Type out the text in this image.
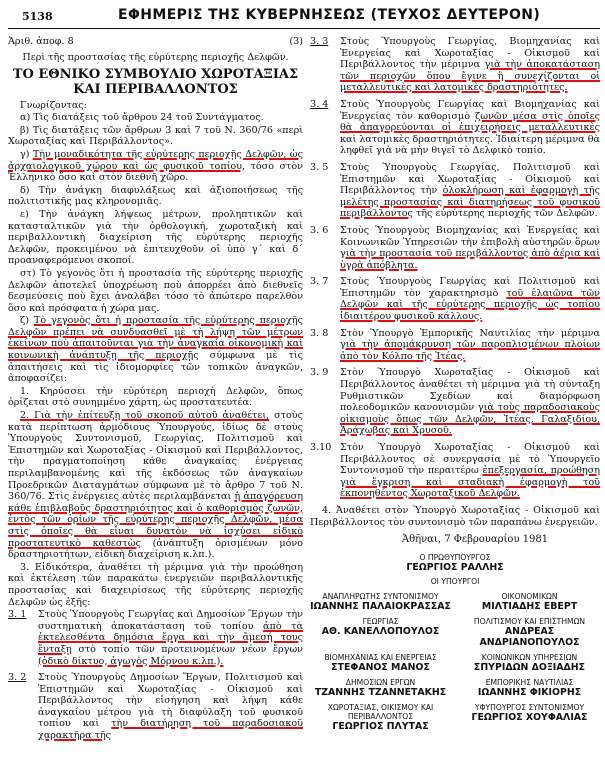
5138	ΕΦΗΜΕΡΙΣ ΤΗΣ ΚΥΒΕΡΝΗΣΕΩΣ (ΤΕΥΧΟΣ ΔΕΥΤΕΡΟΝ)
Ἀριθ. ἀποφ. 8	(3)

Περὶ τῆς προστασίας τῆς εὐρύτερης περιοχῆς Δελφῶν.

ΤΟ ΕΘΝΙΚΟ ΣΥΜΒΟΥΛΙΟ ΧΩΡΟΤΑΞΙΑΣ ΚΑΙ ΠΕΡΙΒΑΛΛΟΝΤΟΣ

Γνωρίζοντας:

α) Τὶς διατάξεις τοῦ ἄρθρου 24 τοῦ Συντάγματος.

β) Τὶς διατάξεις τῶν ἄρθρων 3 καὶ 7 τοῦ Ν. 360/76 «περὶ Χωροταξίας καὶ Περιβάλλοντος».

γ) Τὴν μοναδικότητα τῆς εὐρύτερης περιοχῆς Δελφῶν, ὡς ἀρχαιολογικοῦ χώρου καὶ ὡς φυσικοῦ τοπίου, τόσο στὸν Ἑλληνικὸ ὅσο καὶ στὸν διεθνῆ χῶρο.

δ) Τὴν ἀνάγκη διαφυλάξεως καὶ ἀξιοποιήσεως τῆς πολιτιστικῆς μας κληρονομιᾶς.

ε) Τὴν ἀνάγκη λήψεως μέτρων, προληπτικῶν καὶ κατασταλτικῶν γιὰ τὴν ὀρθολογική, χωροταξικὴ καὶ περιβαλλοντικὴ διαχείριση τῆς εὐρύτερης περιοχῆς Δελφῶν, προκειμένου νὰ ἐπιτευχθοῦν οἱ ὑπὸ γ΄ καὶ δ΄ προαναφερόμενοι σκοποί.

στ) Τὸ γεγονὸς ὅτι ἡ προστασία τῆς εὐρύτερης περιοχῆς Δελφῶν ἀποτελεῖ ὑποχρέωση ποὺ ἀπορρέει ἀπὸ διεθνεῖς δεσμεύσεις ποὺ ἔχει ἀναλάβει τόσο τὸ ἀπώτερο παρελθὸν ὅσο καὶ πρόσφατα ἡ χώρα μας.

ζ) Τὸ γεγονὸς ὅτι ἡ προστασία τῆς εὐρύτερης περιοχῆς Δελφῶν πρέπει νὰ συνδυασθεῖ μὲ τὴ λήψη τῶν μέτρων ἐκείνων ποὺ ἀπαιτοῦνται γιὰ τὴν ἀναγκαία οἰκονομικὴ καὶ κοινωνικὴ ἀνάπτυξη τῆς περιοχῆς σύμφωνα μὲ τὶς ἀπαιτήσεις καὶ τὶς ἰδιομορφίες τῶν τοπικῶν ἀναγκῶν, ἀποφασίζει:

1. Κηρύσσει τὴν εὐρύτερη περιοχὴ Δελφῶν, ὅπως ὁρίζεται στὸ συνημμένο χάρτη, ὡς προστατευτέα.

2. Γιὰ τὴν ἐπίτευξη τοῦ σκοποῦ αὐτοῦ ἀναθέτει, στοὺς κατὰ περίπτωση ἁρμόδιους Ὑπουργούς, ἰδίως δὲ στοὺς Ὑπουργοὺς Συντονισμοῦ, Γεωργίας, Πολιτισμοῦ καὶ Ἐπιστημῶν καὶ Χωροταξίας - Οἰκισμοῦ καὶ Περιβάλλοντος, τὴν πραγματοποίηση κάθε ἀναγκαίας ἐνέργειας περιλαμβανομένης καὶ τῆς ἐκδόσεως τῶν ἀναγκαίων Προεδρικῶν Διαταγμάτων σύμφωνα μὲ τὸ ἄρθρο 7 τοῦ Ν. 360/76. Στὶς ἐνέργειες αὐτὲς περιλαμβάνεται ἡ ἀπαγόρευση κάθε ἐπιβλαβοῦς δραστηριότητος καὶ ὁ καθορισμὸς ζωνῶν, ἐντὸς τῶν ὁρίων τῆς εὐρύτερης περιοχῆς Δελφῶν, μέσα στὶς ὁποῖες θὰ εἶναι δυνατὸν νὰ ἰσχύσει εἰδικὸ προστατευτικὸ καθεστὼς (ἀνάπτυξη ὁρισμένων μόνο δραστηριοτήτων, εἰδικὴ διαχείριση κ.λπ.).

3. Εἰδικότερα, ἀναθέτει τὴ μέριμνα γιὰ τὴν προώθηση καὶ ἐκτέλεση τῶν παρακάτω ἐνεργειῶν περιβαλλοντικῆς προστασίας καὶ διαχειρίσεως τῆς εὐρύτερης περιοχῆς Δελφῶν ὡς ἑξῆς:

3. 1	Στοὺς Ὑπουργοὺς Γεωργίας καὶ Δημοσίων Ἔργων τὴν συστηματικὴ ἀποκατάσταση τοῦ τοπίου ἀπὸ τὰ ἐκτελεσθέντα δημόσια ἔργα καὶ τὴν ἄμεσή τους ἔνταξη στὸ τοπίο τῶν προτεινομένων νέων ἔργων (ὁδικὸ δίκτυο, ἀγωγὸς Μόρνου κ.λπ.).
3. 2	Στοὺς Ὑπουργοὺς Δημοσίων Ἔργων, Πολιτισμοῦ καὶ Ἐπιστημῶν καὶ Χωροταξίας - Οἰκισμοῦ καὶ Περιβάλλοντος τὴν εἰσήγηση καὶ λήψη κάθε ἀναγκαίου μέτρου γιὰ τὴ διαφύλαξη τοῦ φυσικοῦ τοπίου καὶ τὴν διατήρηση τοῦ παραδοσιακοῦ χαρακτῆρα τῆς
3. 3	Στοὺς Ὑπουργοὺς Γεωργίας, Βιομηχανίας καὶ Ἐνεργείας καὶ Χωροταξίας - Οἰκισμοῦ καὶ Περιβάλλοντος τὴν μέριμνα γιὰ τὴν ἀποκατάσταση τῶν περιοχῶν ὅπου ἔγινε ἢ συνεχίζονται οἱ μεταλλευτικὲς καὶ λατομικὲς δραστηριότητες.
3. 4	Στοὺς Ὑπουργοὺς Γεωργίας καὶ Βιομηχανίας καὶ Ἐνεργείας τὸν καθορισμὸ ζωνῶν μέσα στὶς ὁποῖες θὰ ἀπαγορεύονται οἱ ἐπιχειρήσεις μεταλλευτικὲς καὶ λατομικὲς δραστηριότητες. Ἰδιαίτερη μέριμνα θὰ ληφθεῖ γιὰ νὰ μὴν θιγεῖ τὸ Δελφικὸ τοπίο.
3. 5	Στοὺς Ὑπουργοὺς Γεωργίας, Πολιτισμοῦ καὶ Ἐπιστημῶν καὶ Χωροταξίας - Οἰκισμοῦ καὶ Περιβάλλοντος τὴν ὁλοκλήρωση καὶ ἐφαρμογὴ τῆς μελέτης προστασίας καὶ διατηρήσεως τοῦ φυσικοῦ περιβάλλοντος τῆς εὐρύτερης περιοχῆς τῶν Δελφῶν.
3. 6	Στοὺς Ὑπουργοὺς Βιομηχανίας καὶ Ἐνεργείας καὶ Κοινωνικῶν Ὑπηρεσιῶν τὴν ἐπιβολὴ αὐστηρῶν ὅρων γιὰ τὴν προστασία τοῦ περιβάλλοντος ἀπὸ ἀέρια καὶ ὑγρὰ ἀπόβλητα.
3. 7	Στοὺς Ὑπουργοὺς Γεωργίας καὶ Πολιτισμοῦ καὶ Ἐπιστημῶν τὸν χαρακτηρισμὸ τοῦ ἐλαιῶνα τῶν Δελφῶν καὶ τῆς εὐρύτερης περιοχῆς ὡς τοπίου ἰδιαιτέρου φυσικοῦ κάλλους.
3. 8	Στὸν Ὑπουργὸ Ἐμπορικῆς Ναυτιλίας τὴν μέριμνα γιὰ τὴν ἀπομάκρυνση τῶν παροπλισμένων πλοίων ἀπὸ τὸν Κόλπο τῆς Ἰτέας.
3. 9	Στὸν Ὑπουργὸ Χωροταξίας - Οἰκισμοῦ καὶ Περιβάλλοντος ἀναθέτει τὴ μέριμνα γιὰ τὴ σύνταξη Ρυθμιστικῶν Σχεδίων καὶ διαμόρφωση πολεοδομικῶν κανονισμῶν γιὰ τοὺς παραδοσιακοὺς οἰκισμοὺς ὅπως τῶν Δελφῶν, Ἰτέας, Γαλαξιδίου, Ἀράχωβας καὶ Χρυσοῦ.
3.10 Στὸν Ὑπουργὸ Χωροταξίας - Οἰκισμοῦ καὶ Περιβάλλοντος σὲ συνεργασία μὲ τὸ Ὑπουργεῖο Συντονισμοῦ τὴν περαιτέρω ἐπεξεργασία, προώθηση γιὰ ἔγκριση καὶ σταδιακὴ ἐφαρμογὴ τοῦ ἐκπονηθέντος Χωροταξικοῦ Δελφῶν.

4. Ἀναθέτει στὸν Ὑπουργὸ Χωροταξίας - Οἰκισμοῦ καὶ Περιβάλλοντος τὸν συντονισμὸ τῶν παραπάνω ἐνεργειῶν.

Ἀθῆναι, 7 Φεβρουαρίου 1981

Ο ΠΡΩΘΥΠΟΥΡΓΟΣ
ΓΕΩΡΓΙΟΣ ΡΑΛΛΗΣ
ΟΙ ΥΠΟΥΡΓΟΙ
ΑΝΑΠΛΗΡΩΤΗΣ ΣΥΝΤΟΝΙΣΜΟΥ
ΙΩΑΝΝΗΣ ΠΑΛΑΙΟΚΡΑΣΣΑΣ
ΟΙΚΟΝΟΜΙΚΩΝ
ΜΙΛΤΙΑΔΗΣ ΕΒΕΡΤ
ΓΕΩΡΓΙΑΣ
ΑΘ. ΚΑΝΕΛΛΟΠΟΥΛΟΣ
ΠΟΛΙΤΙΣΜΟΥ ΚΑΙ ΕΠΙΣΤΗΜΩΝ
ΑΝΔΡΕΑΣ ΑΝΔΡΙΑΝΟΠΟΥΛΟΣ
ΒΙΟΜΗΧΑΝΙΑΣ ΚΑΙ ΕΝΕΡΓΕΙΑΣ
ΣΤΕΦΑΝΟΣ ΜΑΝΟΣ
ΚΟΙΝΩΝΙΚΩΝ ΥΠΗΡΕΣΙΩΝ
ΣΠΥΡΙΔΩΝ ΔΟΞΙΑΔΗΣ
ΔΗΜΟΣΙΩΝ ΕΡΓΩΝ
ΤΖΑΝΝΗΣ ΤΖΑΝΝΕΤΑΚΗΣ
ΕΜΠΟΡΙΚΗΣ ΝΑΥΤΙΛΙΑΣ
ΙΩΑΝΝΗΣ ΦΙΚΙΟΡΗΣ
ΧΩΡΟΤΑΞΙΑΣ, ΟΙΚΙΣΜΟΥ ΚΑΙ ΠΕΡΙΒΑΛΛΟΝΤΟΣ
ΓΕΩΡΓΙΟΣ ΠΛΥΤΑΣ
ΥΦΥΠΟΥΡΓΟΣ ΣΥΝΤΟΝΙΣΜΟΥ
ΓΕΩΡΓΙΟΣ ΧΟΥΦΑΛΙΑΣ
